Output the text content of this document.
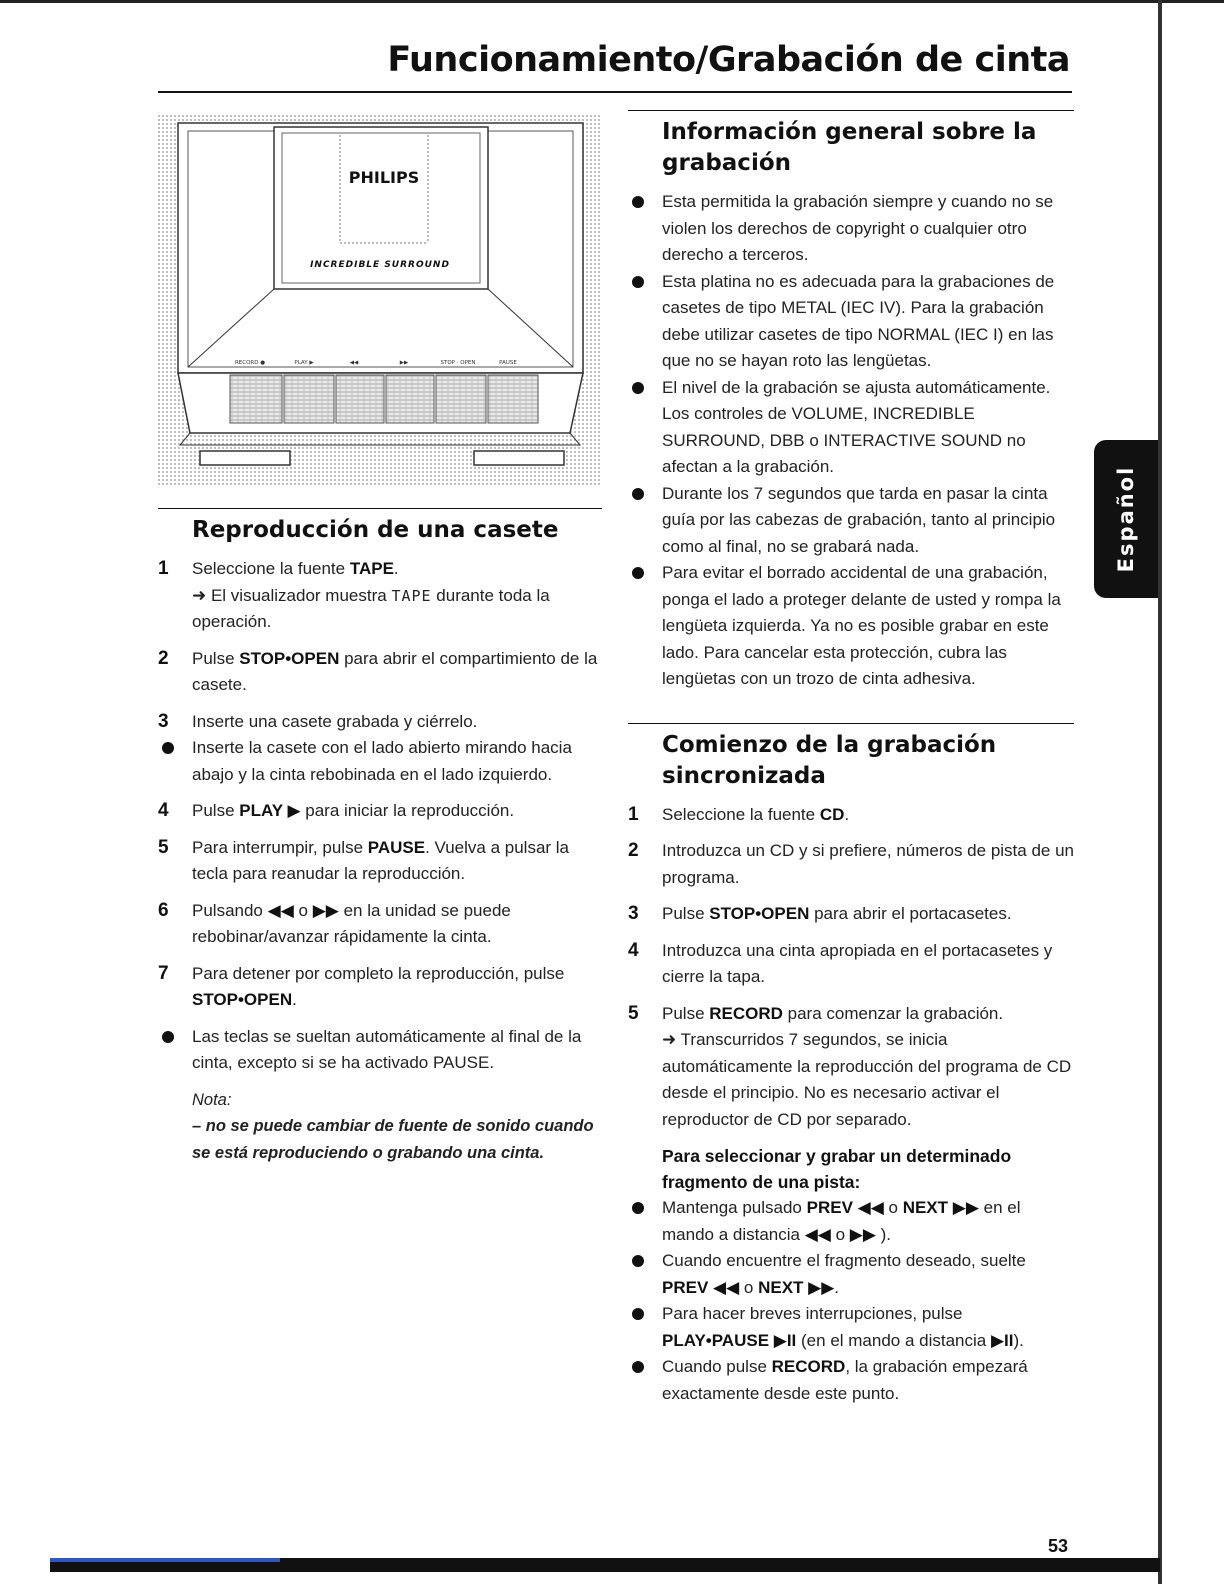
Funcionamiento/Grabación de cinta
PHILIPS
INCREDIBLE SURROUND
RECORD ●	PLAY ▶	◀◀	▶▶	STOP · OPEN	PAUSE
Reproducción de una casete
1	Seleccione la fuente TAPE.
➜ El visualizador muestra TAPE durante toda la operación.
2	Pulse STOP•OPEN para abrir el compartimiento de la casete.
3	Inserte una casete grabada y ciérrelo.
Inserte la casete con el lado abierto mirando hacia abajo y la cinta rebobinada en el lado izquierdo.
4	Pulse PLAY ▶ para iniciar la reproducción.
5	Para interrumpir, pulse PAUSE. Vuelva a pulsar la tecla para reanudar la reproducción.
6	Pulsando ◀◀ o ▶▶ en la unidad se puede rebobinar/avanzar rápidamente la cinta.
7	Para detener por completo la reproducción, pulse STOP•OPEN.
Las teclas se sueltan automáticamente al final de la cinta, excepto si se ha activado PAUSE.
Nota:
– no se puede cambiar de fuente de sonido cuando se está reproduciendo o grabando una cinta.
Información general sobre la grabación
Esta permitida la grabación siempre y cuando no se violen los derechos de copyright o cualquier otro derecho a terceros.
Esta platina no es adecuada para la grabaciones de casetes de tipo METAL (IEC IV). Para la grabación debe utilizar casetes de tipo NORMAL (IEC I) en las que no se hayan roto las lengüetas.
El nivel de la grabación se ajusta automáticamente. Los controles de VOLUME, INCREDIBLE SURROUND, DBB o INTERACTIVE SOUND no afectan a la grabación.
Durante los 7 segundos que tarda en pasar la cinta guía por las cabezas de grabación, tanto al principio como al final, no se grabará nada.
Para evitar el borrado accidental de una grabación, ponga el lado a proteger delante de usted y rompa la lengüeta izquierda. Ya no es posible grabar en este lado. Para cancelar esta protección, cubra las lengüetas con un trozo de cinta adhesiva.
Comienzo de la grabación sincronizada
1	Seleccione la fuente CD.
2	Introduzca un CD y si prefiere, números de pista de un programa.
3	Pulse STOP•OPEN para abrir el portacasetes.
4	Introduzca una cinta apropiada en el portacasetes y cierre la tapa.
5	Pulse RECORD para comenzar la grabación.
➜ Transcurridos 7 segundos, se inicia automáticamente la reproducción del programa de CD desde el principio. No es necesario activar el reproductor de CD por separado.
Para seleccionar y grabar un determinado fragmento de una pista:
Mantenga pulsado PREV ◀◀ o NEXT ▶▶ en el mando a distancia ◀◀ o ▶▶ ).
Cuando encuentre el fragmento deseado, suelte PREV ◀◀ o NEXT ▶▶.
Para hacer breves interrupciones, pulse PLAY•PAUSE ▶II (en el mando a distancia ▶II).
Cuando pulse RECORD, la grabación empezará exactamente desde este punto.
Español
53
